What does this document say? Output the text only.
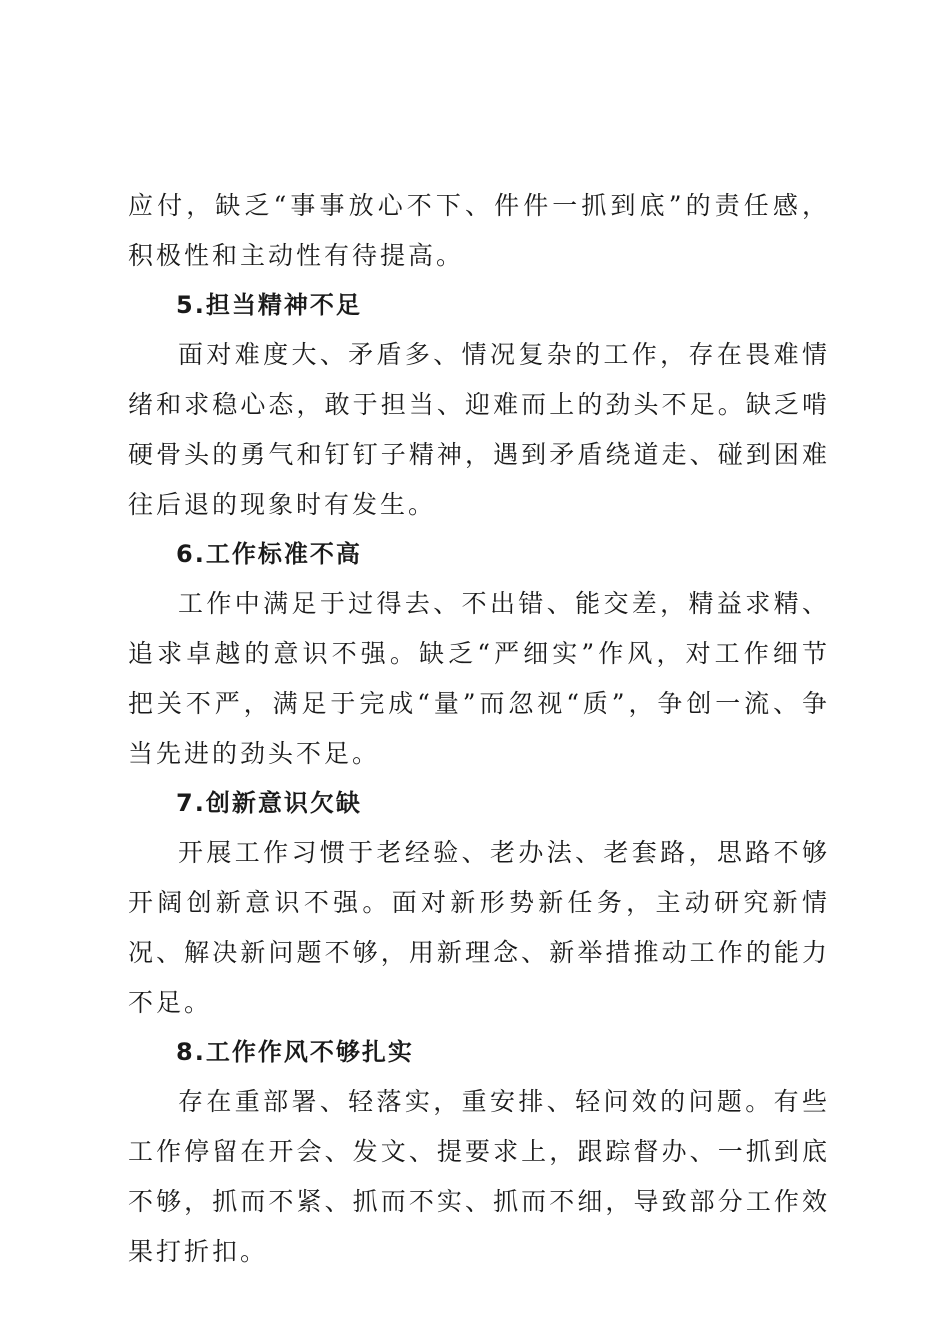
应付，缺乏“事事放心不下、件件一抓到底”的责任感，积极性和主动性有待提高。

5.担当精神不足

面对难度大、矛盾多、情况复杂的工作，存在畏难情绪和求稳心态，敢于担当、迎难而上的劲头不足。缺乏啃硬骨头的勇气和钉钉子精神，遇到矛盾绕道走、碰到困难往后退的现象时有发生。

6.工作标准不高

工作中满足于过得去、不出错、能交差，精益求精、追求卓越的意识不强。缺乏“严细实”作风，对工作细节把关不严，满足于完成“量”而忽视“质”，争创一流、争当先进的劲头不足。

7.创新意识欠缺

开展工作习惯于老经验、老办法、老套路，思路不够开阔创新意识不强。面对新形势新任务，主动研究新情况、解决新问题不够，用新理念、新举措推动工作的能力不足。

8.工作作风不够扎实

存在重部署、轻落实，重安排、轻问效的问题。有些工作停留在开会、发文、提要求上，跟踪督办、一抓到底不够，抓而不紧、抓而不实、抓而不细，导致部分工作效果打折扣。
